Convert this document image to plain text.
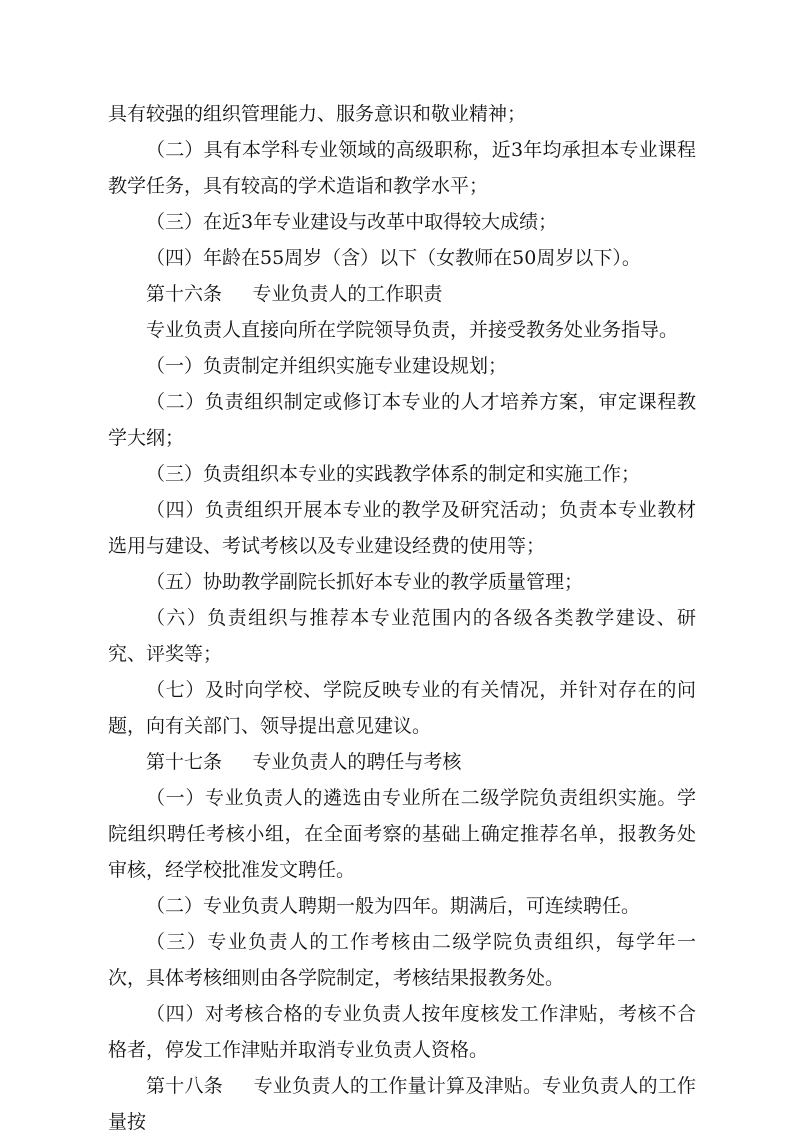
具有较强的组织管理能力、服务意识和敬业精神；

（二）具有本学科专业领域的高级职称，近3年均承担本专业课程教学任务，具有较高的学术造诣和教学水平；

（三）在近3年专业建设与改革中取得较大成绩；

（四）年龄在55周岁（含）以下（女教师在50周岁以下）。

第十六条 专业负责人的工作职责

专业负责人直接向所在学院领导负责，并接受教务处业务指导。

（一）负责制定并组织实施专业建设规划；

（二）负责组织制定或修订本专业的人才培养方案，审定课程教学大纲；

（三）负责组织本专业的实践教学体系的制定和实施工作；

（四）负责组织开展本专业的教学及研究活动；负责本专业教材选用与建设、考试考核以及专业建设经费的使用等；

（五）协助教学副院长抓好本专业的教学质量管理；

（六）负责组织与推荐本专业范围内的各级各类教学建设、研究、评奖等；

（七）及时向学校、学院反映专业的有关情况，并针对存在的问题，向有关部门、领导提出意见建议。

第十七条 专业负责人的聘任与考核

（一）专业负责人的遴选由专业所在二级学院负责组织实施。学院组织聘任考核小组，在全面考察的基础上确定推荐名单，报教务处审核，经学校批准发文聘任。

（二）专业负责人聘期一般为四年。期满后，可连续聘任。

（三）专业负责人的工作考核由二级学院负责组织，每学年一次，具体考核细则由各学院制定，考核结果报教务处。

（四）对考核合格的专业负责人按年度核发工作津贴，考核不合格者，停发工作津贴并取消专业负责人资格。

第十八条 专业负责人的工作量计算及津贴。专业负责人的工作量按
